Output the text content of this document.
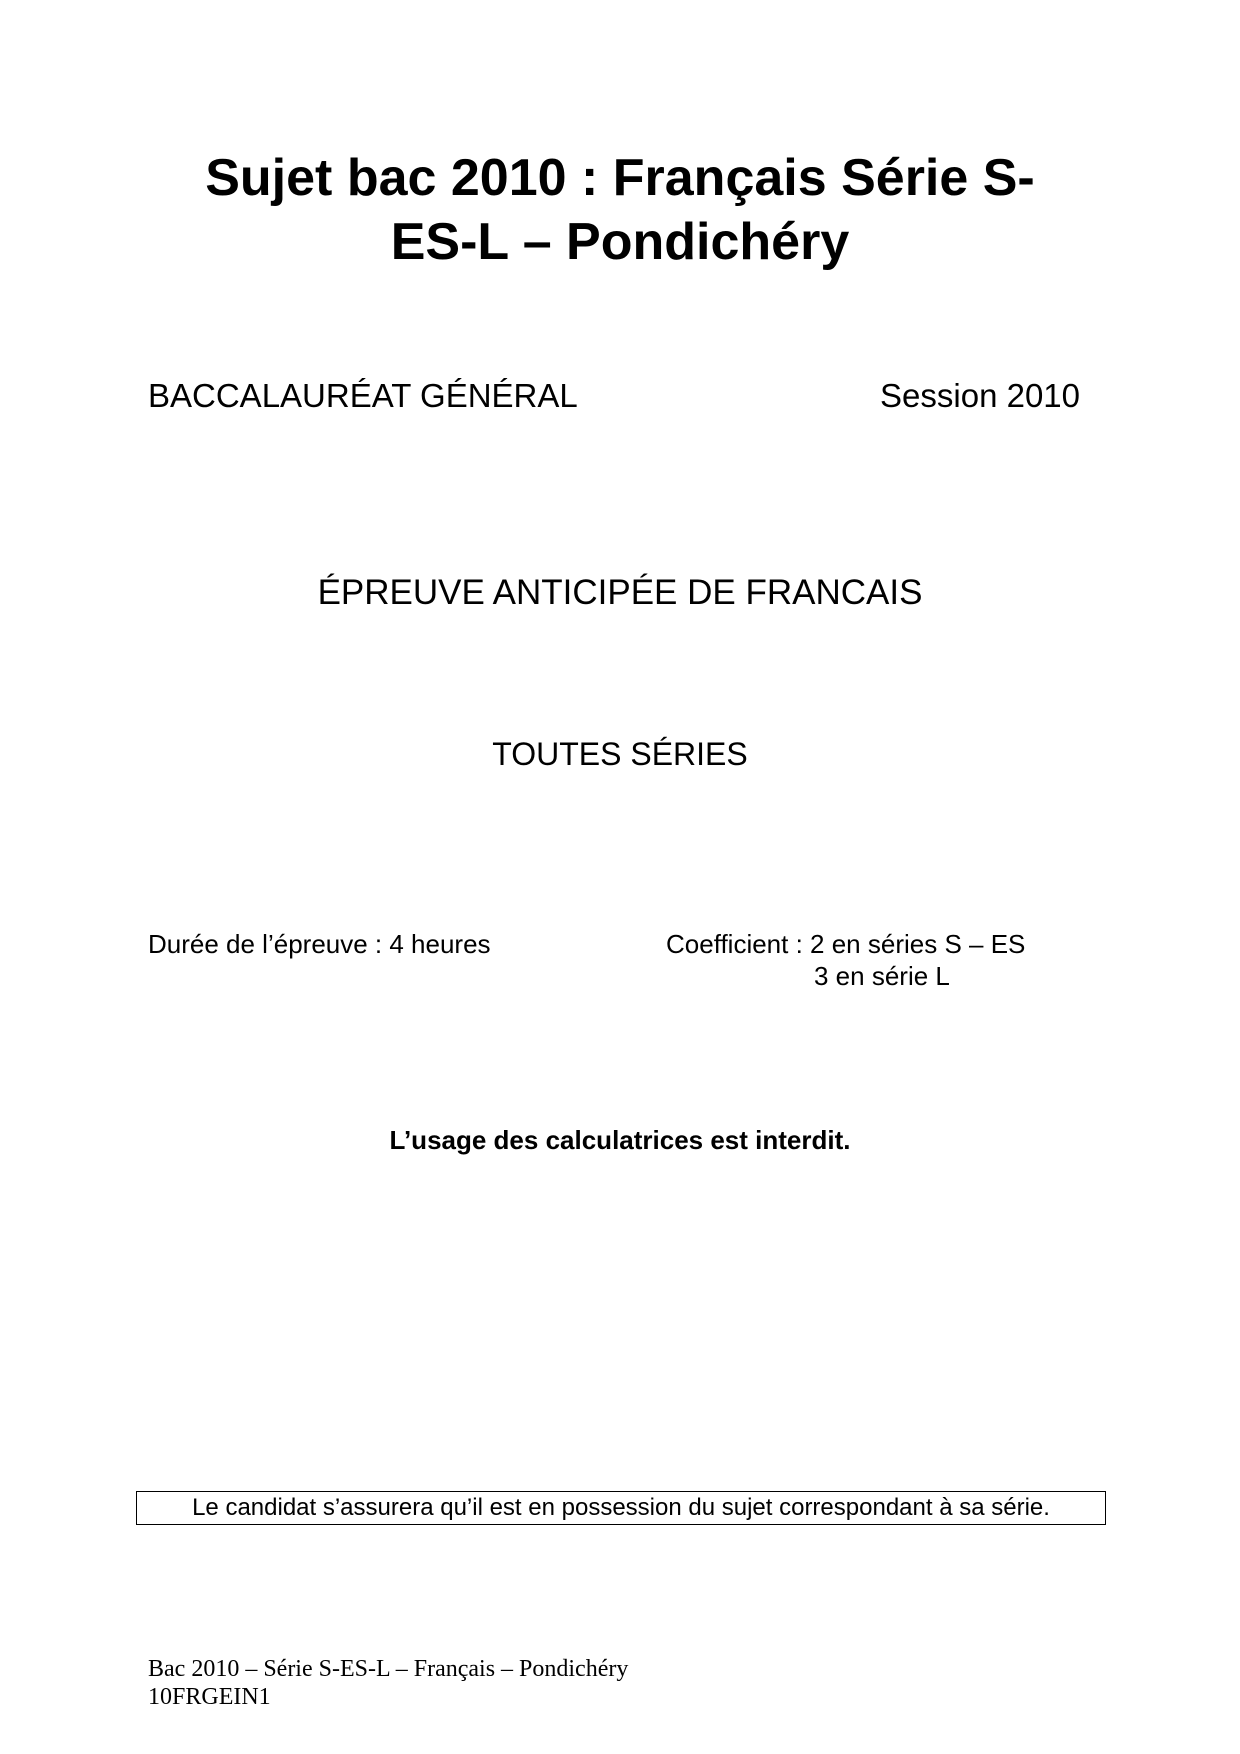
Sujet bac 2010 : Français Série S-
ES-L – Pondichéry
BACCALAURÉAT GÉNÉRAL	Session 2010
ÉPREUVE ANTICIPÉE DE FRANCAIS
TOUTES SÉRIES
Durée de l’épreuve : 4 heures	Coefficient : 2 en séries S – ES
3 en série L
L’usage des calculatrices est interdit.
Le candidat s’assurera qu’il est en possession du sujet correspondant à sa série.
Bac 2010 – Série S-ES-L – Français – Pondichéry
10FRGEIN1
